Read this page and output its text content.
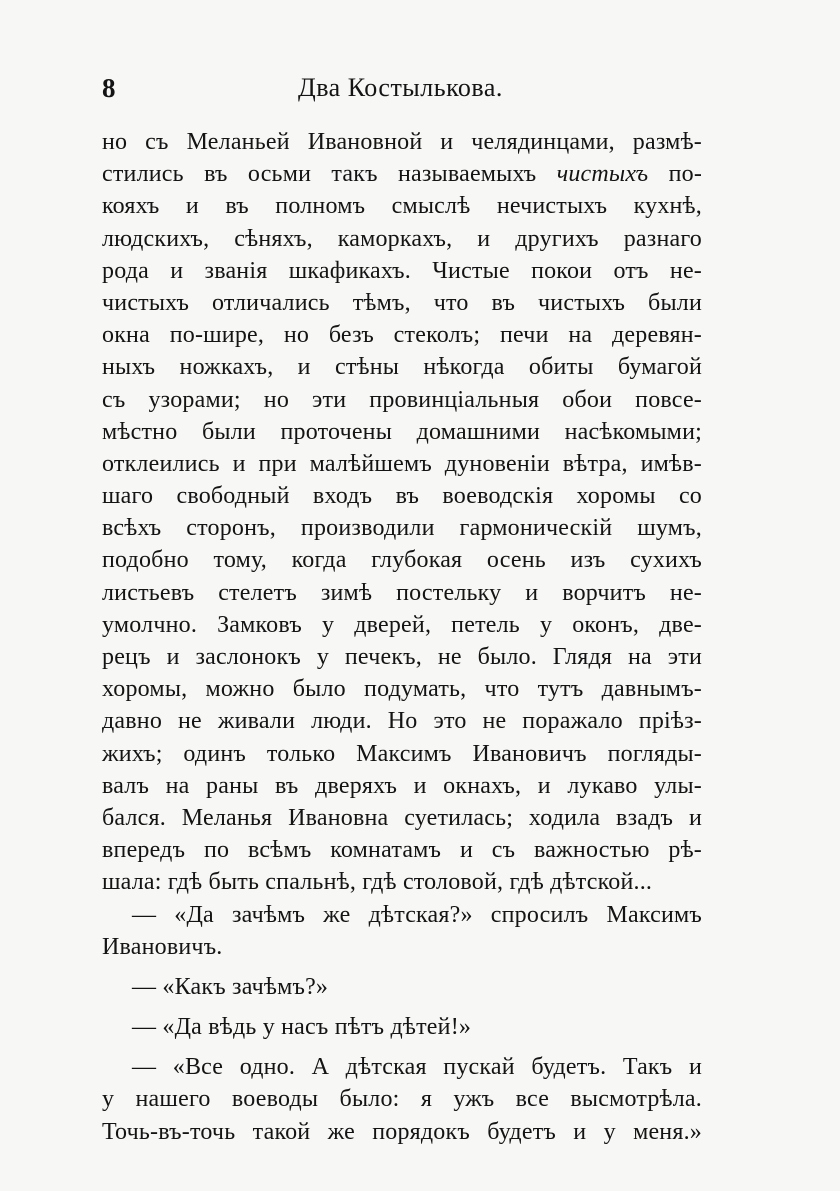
8	Два Костылькова.
но съ Меланьей Ивановной и челядинцами, размѣ-
стились въ осьми такъ называемыхъ чистыхъ по-
кояхъ и въ полномъ смыслѣ нечистыхъ кухнѣ,
людскихъ, сѣняхъ, каморкахъ, и другихъ разнаго
рода и званія шкафикахъ. Чистые покои отъ не-
чистыхъ отличались тѣмъ, что въ чистыхъ были
окна по-шире, но безъ стеколъ; печи на деревян-
ныхъ ножкахъ, и стѣны нѣкогда обиты бумагой
съ узорами; но эти провинціальныя обои повсе-
мѣстно были проточены домашними насѣкомыми;
отклеились и при малѣйшемъ дуновеніи вѣтра, имѣв-
шаго свободный входъ въ воеводскія хоромы со
всѣхъ сторонъ, производили гармоническій шумъ,
подобно тому, когда глубокая осень изъ сухихъ
листьевъ стелетъ зимѣ постельку и ворчитъ не-
умолчно. Замковъ у дверей, петель у оконъ, две-
рецъ и заслонокъ у печекъ, не было. Глядя на эти
хоромы, можно было подумать, что тутъ давнымъ-
давно не живали люди. Но это не поражало пріѣз-
жихъ; одинъ только Максимъ Ивановичъ погляды-
валъ на раны въ дверяхъ и окнахъ, и лукаво улы-
бался. Меланья Ивановна суетилась; ходила взадъ и
впередъ по всѣмъ комнатамъ и съ важностью рѣ-
шала: гдѣ быть спальнѣ, гдѣ столовой, гдѣ дѣтской...
— «Да зачѣмъ же дѣтская?» спросилъ Максимъ
Ивановичъ.
— «Какъ зачѣмъ?»
— «Да вѣдь у насъ пѣтъ дѣтей!»
— «Все одно. А дѣтская пускай будетъ. Такъ и
у нашего воеводы было: я ужъ все высмотрѣла.
Точь-въ-точь такой же порядокъ будетъ и у меня.»
